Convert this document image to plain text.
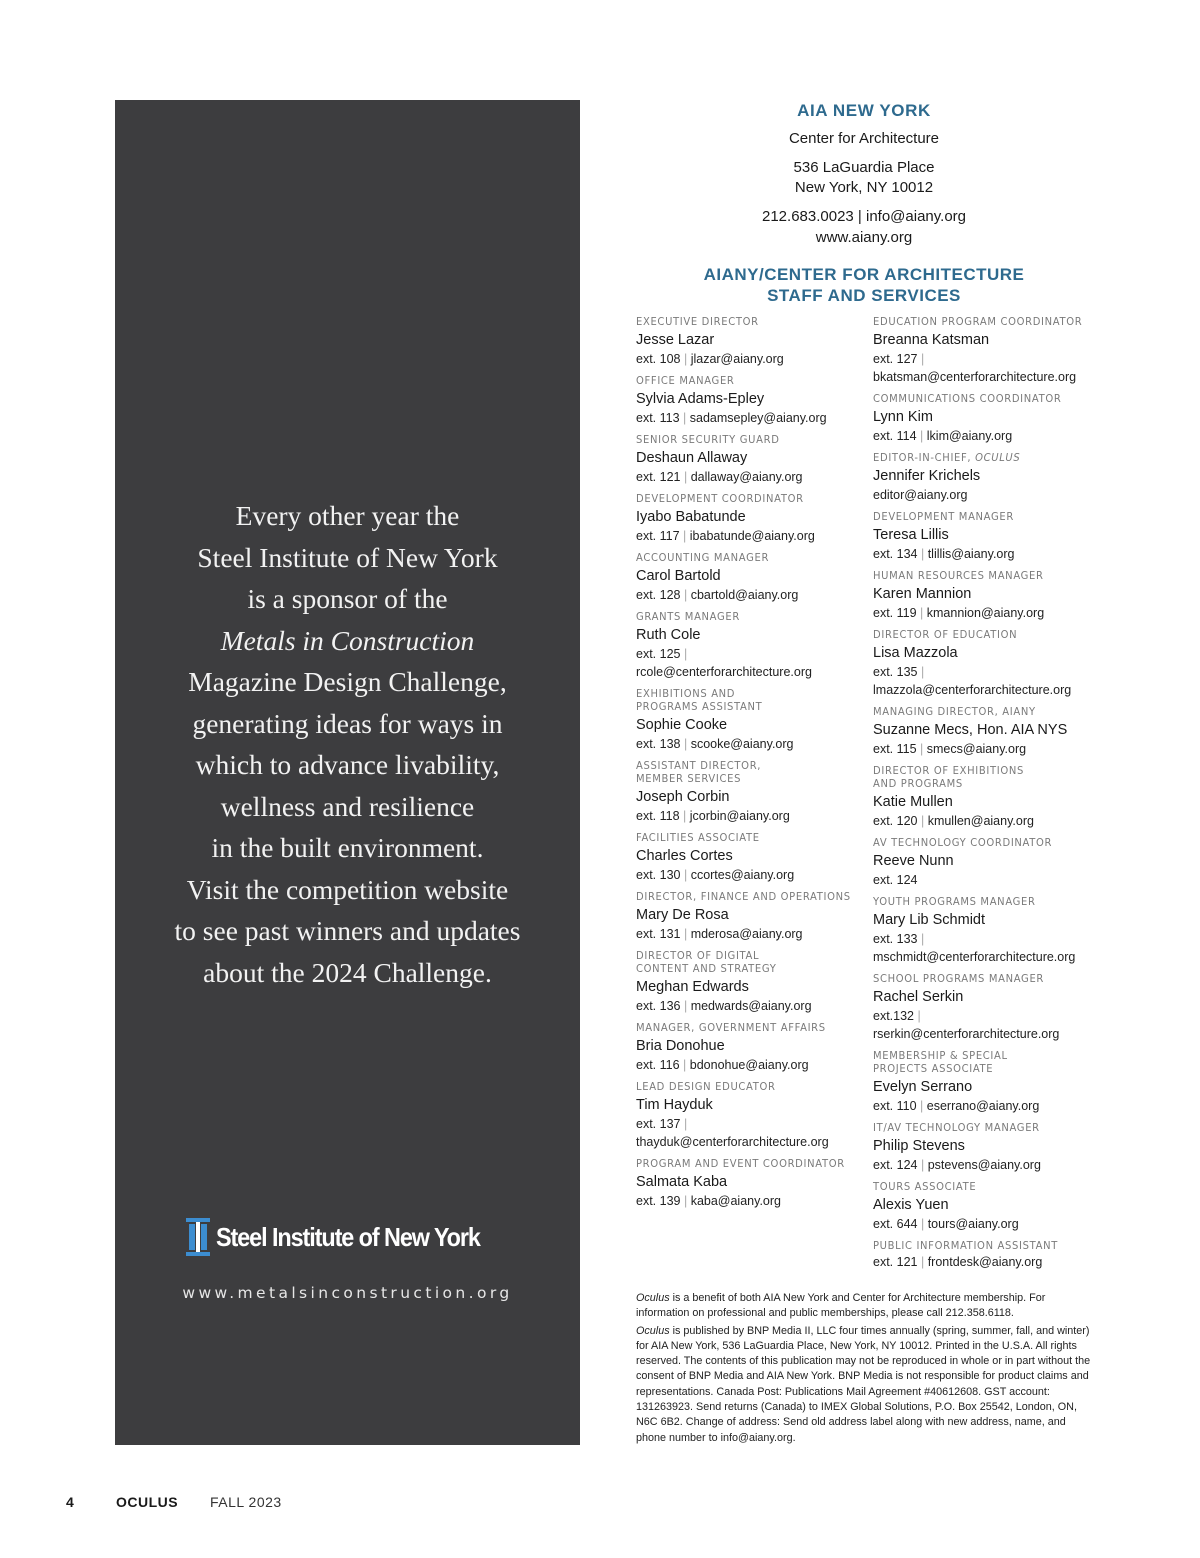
Every other year the
Steel Institute of New York
is a sponsor of the
Metals in Construction
Magazine Design Challenge,
generating ideas for ways in
which to advance livability,
wellness and resilience
in the built environment.
Visit the competition website
to see past winners and updates
about the 2024 Challenge.
Steel Institute of New York
www.metalsinconstruction.org
AIA NEW YORK
Center for Architecture
536 LaGuardia Place
New York, NY 10012
212.683.0023 | info@aiany.org
www.aiany.org
AIANY/CENTER FOR ARCHITECTURE
STAFF AND SERVICES
EXECUTIVE DIRECTOR
Jesse Lazar
ext. 108 | jlazar@aiany.org
OFFICE MANAGER
Sylvia Adams-Epley
ext. 113 | sadamsepley@aiany.org
SENIOR SECURITY GUARD
Deshaun Allaway
ext. 121 | dallaway@aiany.org
DEVELOPMENT COORDINATOR
Iyabo Babatunde
ext. 117 | ibabatunde@aiany.org
ACCOUNTING MANAGER
Carol Bartold
ext. 128 | cbartold@aiany.org
GRANTS MANAGER
Ruth Cole
ext. 125 |
rcole@centerforarchitecture.org
EXHIBITIONS AND
PROGRAMS ASSISTANT
Sophie Cooke
ext. 138 | scooke@aiany.org
ASSISTANT DIRECTOR,
MEMBER SERVICES
Joseph Corbin
ext. 118 | jcorbin@aiany.org
FACILITIES ASSOCIATE
Charles Cortes
ext. 130 | ccortes@aiany.org
DIRECTOR, FINANCE AND OPERATIONS
Mary De Rosa
ext. 131 | mderosa@aiany.org
DIRECTOR OF DIGITAL
CONTENT AND STRATEGY
Meghan Edwards
ext. 136 | medwards@aiany.org
MANAGER, GOVERNMENT AFFAIRS
Bria Donohue
ext. 116 | bdonohue@aiany.org
LEAD DESIGN EDUCATOR
Tim Hayduk
ext. 137 |
thayduk@centerforarchitecture.org
PROGRAM AND EVENT COORDINATOR
Salmata Kaba
ext. 139 | kaba@aiany.org
EDUCATION PROGRAM COORDINATOR
Breanna Katsman
ext. 127 |
bkatsman@centerforarchitecture.org
COMMUNICATIONS COORDINATOR
Lynn Kim
ext. 114 | lkim@aiany.org
EDITOR-IN-CHIEF, OCULUS
Jennifer Krichels
editor@aiany.org
DEVELOPMENT MANAGER
Teresa Lillis
ext. 134 | tlillis@aiany.org
HUMAN RESOURCES MANAGER
Karen Mannion
ext. 119 | kmannion@aiany.org
DIRECTOR OF EDUCATION
Lisa Mazzola
ext. 135 |
lmazzola@centerforarchitecture.org
MANAGING DIRECTOR, AIANY
Suzanne Mecs, Hon. AIA NYS
ext. 115 | smecs@aiany.org
DIRECTOR OF EXHIBITIONS
AND PROGRAMS
Katie Mullen
ext. 120 | kmullen@aiany.org
AV TECHNOLOGY COORDINATOR
Reeve Nunn
ext. 124
YOUTH PROGRAMS MANAGER
Mary Lib Schmidt
ext. 133 |
mschmidt@centerforarchitecture.org
SCHOOL PROGRAMS MANAGER
Rachel Serkin
ext.132 |
rserkin@centerforarchitecture.org
MEMBERSHIP & SPECIAL
PROJECTS ASSOCIATE
Evelyn Serrano
ext. 110 | eserrano@aiany.org
IT/AV TECHNOLOGY MANAGER
Philip Stevens
ext. 124 | pstevens@aiany.org
TOURS ASSOCIATE
Alexis Yuen
ext. 644 | tours@aiany.org
PUBLIC INFORMATION ASSISTANT
ext. 121 | frontdesk@aiany.org

Oculus is a benefit of both AIA New York and Center for Architecture membership. For information on professional and public memberships, please call 212.358.6118.

Oculus is published by BNP Media II, LLC four times annually (spring, summer, fall, and winter) for AIA New York, 536 LaGuardia Place, New York, NY 10012. Printed in the U.S.A. All rights reserved. The contents of this publication may not be reproduced in whole or in part without the consent of BNP Media and AIA New York. BNP Media is not responsible for product claims and representations. Canada Post: Publications Mail Agreement #40612608. GST account: 131263923. Send returns (Canada) to IMEX Global Solutions, P.O. Box 25542, London, ON, N6C 6B2. Change of address: Send old address label along with new address, name, and phone number to info@aiany.org.

4	OCULUS FALL 2023
